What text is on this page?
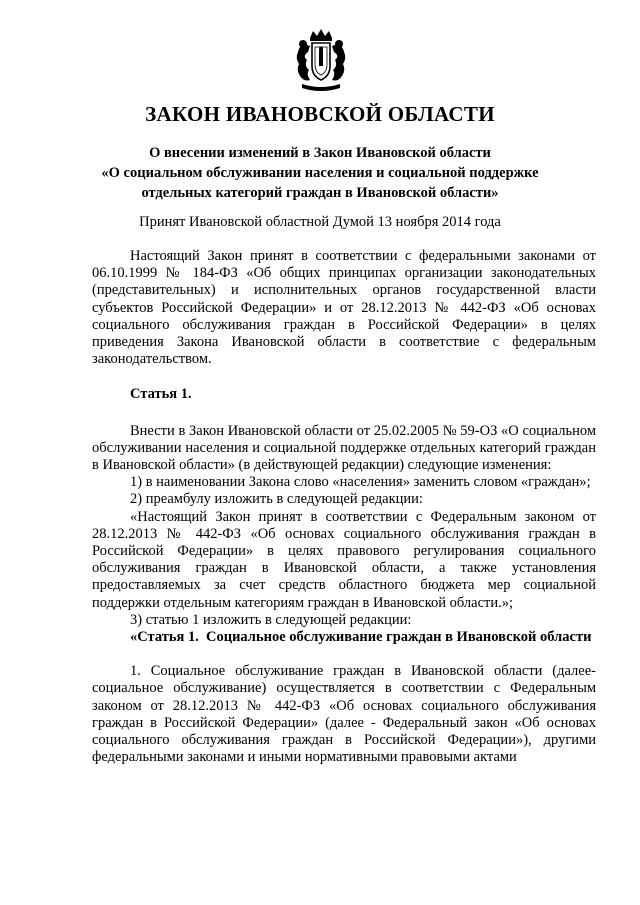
ЗАКОН ИВАНОВСКОЙ ОБЛАСТИ
О внесении изменений в Закон Ивановской области
«О социальном обслуживании населения и социальной поддержке
отдельных категорий граждан в Ивановской области»
Принят Ивановской областной Думой 13 ноября 2014 года

Настоящий Закон принят в соответствии с федеральными законами от 06.10.1999 № 184-ФЗ «Об общих принципах организации законодательных (представительных) и исполнительных органов государственной власти субъектов Российской Федерации» и от 28.12.2013 № 442-ФЗ «Об основах социального обслуживания граждан в Российской Федерации» в целях приведения Закона Ивановской области в соответствие с федеральным законодательством.

Статья 1.

Внести в Закон Ивановской области от 25.02.2005 № 59-ОЗ «О социальном обслуживании населения и социальной поддержке отдельных категорий граждан в Ивановской области» (в действующей редакции) следующие изменения:

1) в наименовании Закона слово «населения» заменить словом «граждан»;

2) преамбулу изложить в следующей редакции:

«Настоящий Закон принят в соответствии с Федеральным законом от 28.12.2013 № 442-ФЗ «Об основах социального обслуживания граждан в Российской Федерации» в целях правового регулирования социального обслуживания граждан в Ивановской области, а также установления предоставляемых за счет средств областного бюджета мер социальной поддержки отдельным категориям граждан в Ивановской области.»;

3) статью 1 изложить в следующей редакции:

«Статья 1. Социальное обслуживание граждан в Ивановской области

1. Социальное обслуживание граждан в Ивановской области (далее- социальное обслуживание) осуществляется в соответствии с Федеральным законом от 28.12.2013 № 442-ФЗ «Об основах социального обслуживания граждан в Российской Федерации» (далее - Федеральный закон «Об основах социального обслуживания граждан в Российской Федерации»), другими федеральными законами и иными нормативными правовыми актами
